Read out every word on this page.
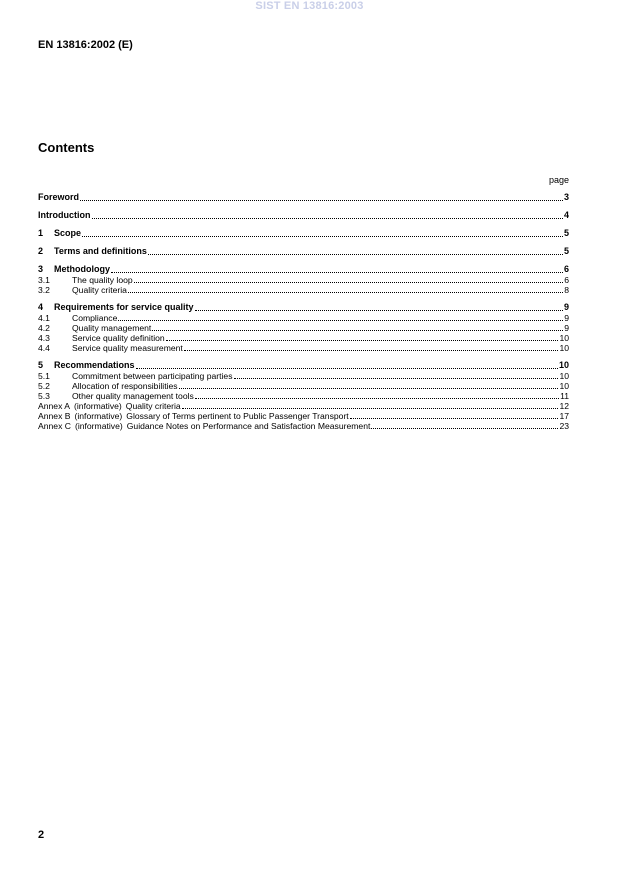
SIST EN 13816:2003
EN 13816:2002 (E)
Contents
page
Foreword	3
Introduction	4
1	Scope	5
2	Terms and definitions	5
3	Methodology	6
3.1	The quality loop	6
3.2	Quality criteria	8
4	Requirements for service quality	9
4.1	Compliance	9
4.2	Quality management	9
4.3	Service quality definition	10
4.4	Service quality measurement	10
5	Recommendations	10
5.1	Commitment between participating parties	10
5.2	Allocation of responsibilities	10
5.3	Other quality management tools	11
Annex A (informative) Quality criteria	12
Annex B (informative) Glossary of Terms pertinent to Public Passenger Transport	17
Annex C (informative) Guidance Notes on Performance and Satisfaction Measurement	23
2
